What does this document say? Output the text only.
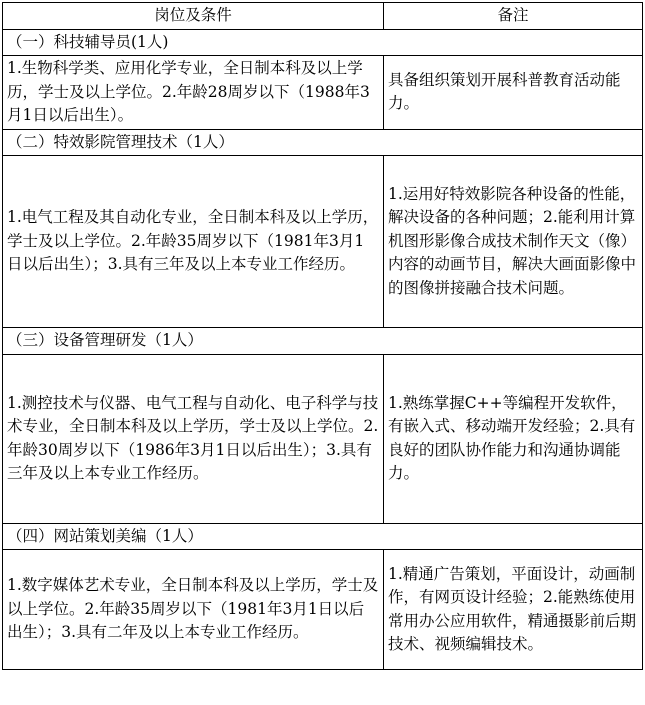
岗位及条件	备注
（一）科技辅导员(1人)	
1.生物科学类、应用化学专业，全日制本科及以上学历，学士及以上学位。2.年龄28周岁以下（1988年3月1日以后出生）。	具备组织策划开展科普教育活动能力。
（二）特效影院管理技术（1人）	
1.电气工程及其自动化专业，全日制本科及以上学历，学士及以上学位。2.年龄35周岁以下（1981年3月1日以后出生）；3.具有三年及以上本专业工作经历。	1.运用好特效影院各种设备的性能，解决设备的各种问题；2.能利用计算机图形影像合成技术制作天文（像）内容的动画节目，解决大画面影像中的图像拼接融合技术问题。
（三）设备管理研发（1人）	
1.测控技术与仪器、电气工程与自动化、电子科学与技术专业，全日制本科及以上学历，学士及以上学位。2.年龄30周岁以下（1986年3月1日以后出生）；3.具有三年及以上本专业工作经历。	1.熟练掌握C++等编程开发软件，有嵌入式、移动端开发经验；2.具有良好的团队协作能力和沟通协调能力。
（四）网站策划美编（1人）	
1.数字媒体艺术专业，全日制本科及以上学历，学士及以上学位。2.年龄35周岁以下（1981年3月1日以后出生）；3.具有二年及以上本专业工作经历。	1.精通广告策划，平面设计，动画制作，有网页设计经验；2.能熟练使用常用办公应用软件，精通摄影前后期技术、视频编辑技术。
